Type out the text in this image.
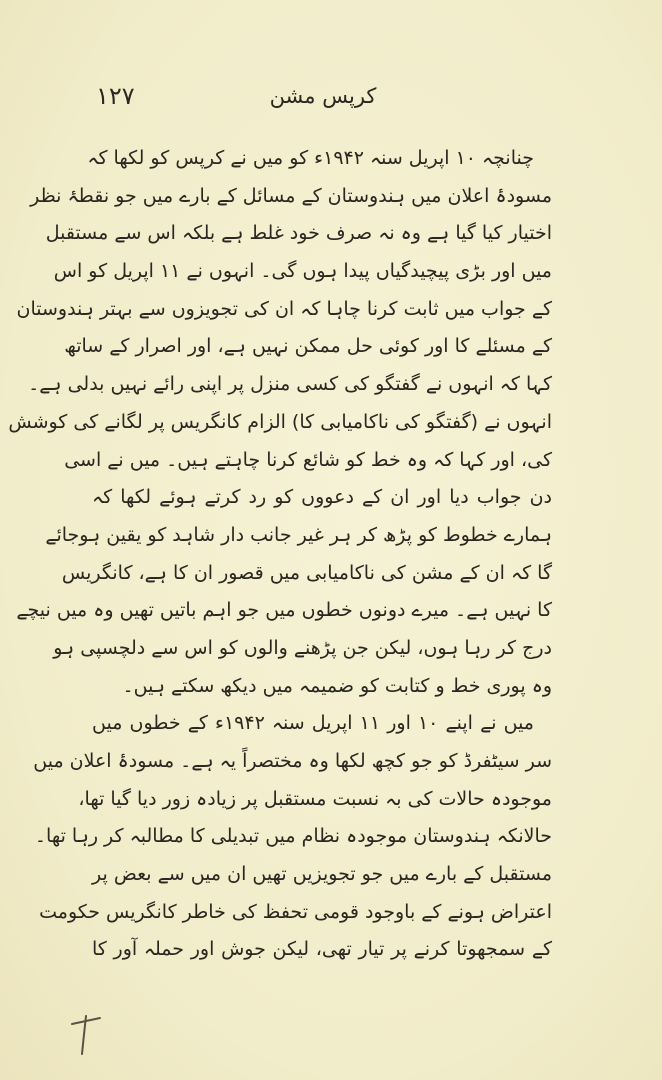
١٢٧	کرپس مشن
چنانچہ ۱۰ اپریل سنہ ۱۹۴۲ء کو میں نے کرپس کو لکھا کہ
مسودۂ اعلان میں ہندوستان کے مسائل کے بارے میں جو نقطۂ نظر
اختیار کیا گیا ہے وہ نہ صرف خود غلط ہے بلکہ اس سے مستقبل
میں اور بڑی پیچیدگیاں پیدا ہوں گی۔ انہوں نے ۱۱ اپریل کو اس
کے جواب میں ثابت کرنا چاہا کہ ان کی تجویزوں سے بہتر ہندوستان
کے مسئلے کا اور کوئی حل ممکن نہیں ہے، اور اصرار کے ساتھ
کہا کہ انہوں نے گفتگو کی کسی منزل پر اپنی رائے نہیں بدلی ہے۔
انہوں نے (گفتگو کی ناکامیابی کا) الزام کانگریس پر لگانے کی کوشش
کی، اور کہا کہ وہ خط کو شائع کرنا چاہتے ہیں۔ میں نے اسی
دن جواب دیا اور ان کے دعووں کو رد کرتے ہوئے لکھا کہ
ہمارے خطوط کو پڑھ کر ہر غیر جانب دار شاہد کو یقین ہوجائے
گا کہ ان کے مشن کی ناکامیابی میں قصور ان کا ہے، کانگریس
کا نہیں ہے۔ میرے دونوں خطوں میں جو اہم باتیں تھیں وہ میں نیچے
درج کر رہا ہوں، لیکن جن پڑھنے والوں کو اس سے دلچسپی ہو
وہ پوری خط و کتابت کو ضمیمہ میں دیکھ سکتے ہیں۔
میں نے اپنے ۱۰ اور ۱۱ اپریل سنہ ۱۹۴۲ء کے خطوں میں
سر سیٹفرڈ کو جو کچھ لکھا وہ مختصراً یہ ہے۔ مسودۂ اعلان میں
موجودہ حالات کی بہ نسبت مستقبل پر زیادہ زور دیا گیا تھا،
حالانکہ ہندوستان موجودہ نظام میں تبدیلی کا مطالبہ کر رہا تھا۔
مستقبل کے بارے میں جو تجویزیں تھیں ان میں سے بعض پر
اعتراض ہونے کے باوجود قومی تحفظ کی خاطر کانگریس حکومت
کے سمجھوتا کرنے پر تیار تھی، لیکن جوش اور حملہ آور کا
